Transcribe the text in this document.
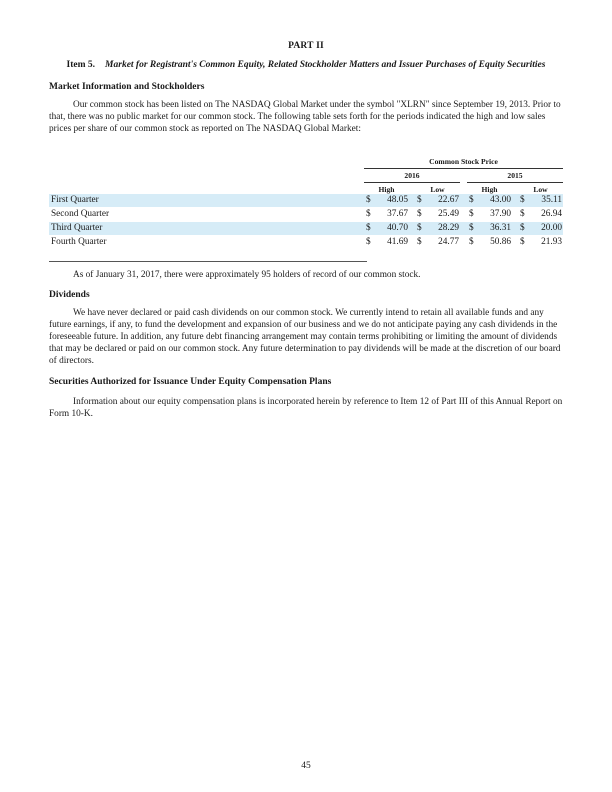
PART II
Item 5. Market for Registrant's Common Equity, Related Stockholder Matters and Issuer Purchases of Equity Securities
Market Information and Stockholders

Our common stock has been listed on The NASDAQ Global Market under the symbol "XLRN" since September 19, 2013. Prior to that, there was no public market for our common stock. The following table sets forth for the periods indicated the high and low sales prices per share of our common stock as reported on The NASDAQ Global Market:

Common Stock Price
2016	2015
High	Low	High	Low
First Quarter	$	48.05 $	22.67 $	43.00 $	35.11
Second Quarter	$	37.67 $	25.49 $	37.90 $	26.94
Third Quarter	$	40.70 $	28.29 $	36.31 $	20.00
Fourth Quarter	$	41.69 $	24.77 $	50.86 $	21.93

As of January 31, 2017, there were approximately 95 holders of record of our common stock.

Dividends

We have never declared or paid cash dividends on our common stock. We currently intend to retain all available funds and any future earnings, if any, to fund the development and expansion of our business and we do not anticipate paying any cash dividends in the foreseeable future. In addition, any future debt financing arrangement may contain terms prohibiting or limiting the amount of dividends that may be declared or paid on our common stock. Any future determination to pay dividends will be made at the discretion of our board of directors.

Securities Authorized for Issuance Under Equity Compensation Plans

Information about our equity compensation plans is incorporated herein by reference to Item 12 of Part III of this Annual Report on Form 10-K.

45
